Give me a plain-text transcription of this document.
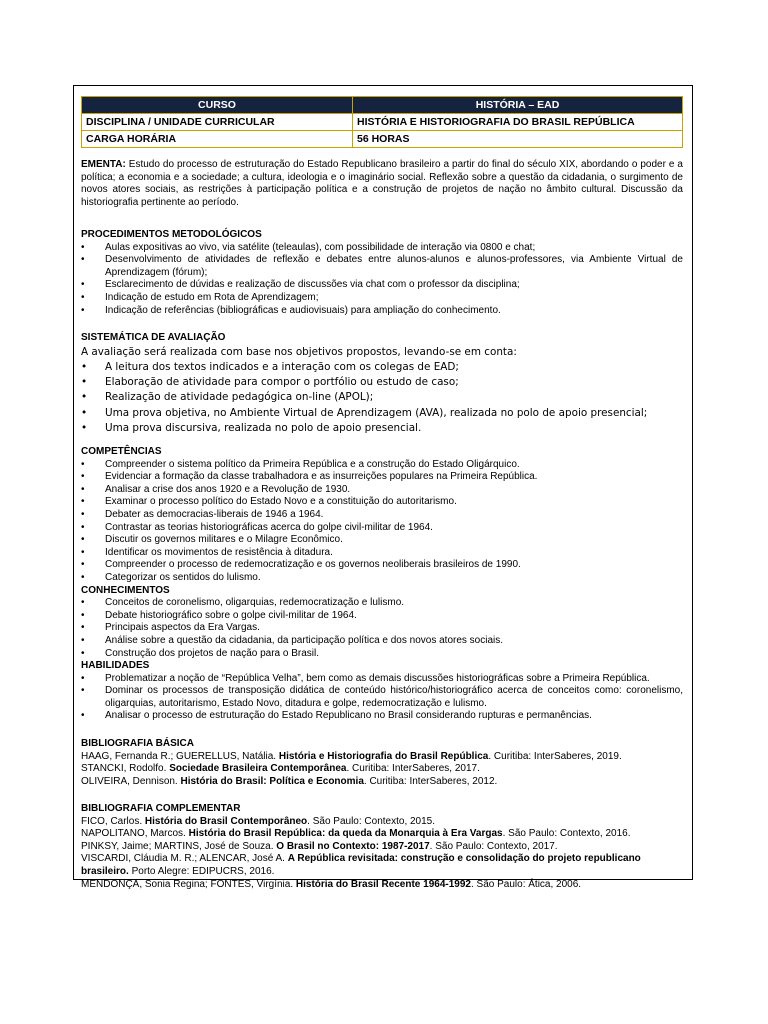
CURSO	HISTÓRIA – EAD
DISCIPLINA / UNIDADE CURRICULAR	HISTÓRIA E HISTORIOGRAFIA DO BRASIL REPÚBLICA
CARGA HORÁRIA	56 HORAS
EMENTA: Estudo do processo de estruturação do Estado Republicano brasileiro a partir do final do século XIX, abordando o poder e a política; a economia e a sociedade; a cultura, ideologia e o imaginário social. Reflexão sobre a questão da cidadania, o surgimento de novos atores sociais, as restrições à participação política e a construção de projetos de nação no âmbito cultural. Discussão da historiografia pertinente ao período.
PROCEDIMENTOS METODOLÓGICOS
• Aulas expositivas ao vivo, via satélite (teleaulas), com possibilidade de interação via 0800 e chat;
• Desenvolvimento de atividades de reflexão e debates entre alunos-alunos e alunos-professores, via Ambiente Virtual de Aprendizagem (fórum);
• Esclarecimento de dúvidas e realização de discussões via chat com o professor da disciplina;
• Indicação de estudo em Rota de Aprendizagem;
• Indicação de referências (bibliográficas e audiovisuais) para ampliação do conhecimento.
SISTEMÁTICA DE AVALIAÇÃO
A avaliação será realizada com base nos objetivos propostos, levando-se em conta:
• A leitura dos textos indicados e a interação com os colegas de EAD;
• Elaboração de atividade para compor o portfólio ou estudo de caso;
• Realização de atividade pedagógica on-line (APOL);
• Uma prova objetiva, no Ambiente Virtual de Aprendizagem (AVA), realizada no polo de apoio presencial;
• Uma prova discursiva, realizada no polo de apoio presencial.
COMPETÊNCIAS
• Compreender o sistema político da Primeira República e a construção do Estado Oligárquico.
• Evidenciar a formação da classe trabalhadora e as insurreições populares na Primeira República.
• Analisar a crise dos anos 1920 e a Revolução de 1930.
• Examinar o processo político do Estado Novo e a constituição do autoritarismo.
• Debater as democracias-liberais de 1946 a 1964.
• Contrastar as teorias historiográficas acerca do golpe civil-militar de 1964.
• Discutir os governos militares e o Milagre Econômico.
• Identificar os movimentos de resistência à ditadura.
• Compreender o processo de redemocratização e os governos neoliberais brasileiros de 1990.
• Categorizar os sentidos do lulismo.
CONHECIMENTOS
• Conceitos de coronelismo, oligarquias, redemocratização e lulismo.
• Debate historiográfico sobre o golpe civil-militar de 1964.
• Principais aspectos da Era Vargas.
• Análise sobre a questão da cidadania, da participação política e dos novos atores sociais.
• Construção dos projetos de nação para o Brasil.
HABILIDADES
• Problematizar a noção de “República Velha”, bem como as demais discussões historiográficas sobre a Primeira República.
• Dominar os processos de transposição didática de conteúdo histórico/historiográfico acerca de conceitos como: coronelismo, oligarquias, autoritarismo, Estado Novo, ditadura e golpe, redemocratização e lulismo.
• Analisar o processo de estruturação do Estado Republicano no Brasil considerando rupturas e permanências.
BIBLIOGRAFIA BÁSICA

HAAG, Fernanda R.; GUERELLUS, Natália. História e Historiografia do Brasil República. Curitiba: InterSaberes, 2019.

STANCKI, Rodolfo. Sociedade Brasileira Contemporânea. Curitiba: InterSaberes, 2017.

OLIVEIRA, Dennison. História do Brasil: Política e Economia. Curitiba: InterSaberes, 2012.

BIBLIOGRAFIA COMPLEMENTAR

FICO, Carlos. História do Brasil Contemporâneo. São Paulo: Contexto, 2015.

NAPOLITANO, Marcos. História do Brasil República: da queda da Monarquia à Era Vargas. São Paulo: Contexto, 2016.

PINKSY, Jaime; MARTINS, José de Souza. O Brasil no Contexto: 1987-2017. São Paulo: Contexto, 2017.

VISCARDI, Cláudia M. R.; ALENCAR, José A. A República revisitada: construção e consolidação do projeto republicano brasileiro. Porto Alegre: EDIPUCRS, 2016.

MENDONÇA, Sonia Regina; FONTES, Virgínia. História do Brasil Recente 1964-1992. São Paulo: Ática, 2006.
